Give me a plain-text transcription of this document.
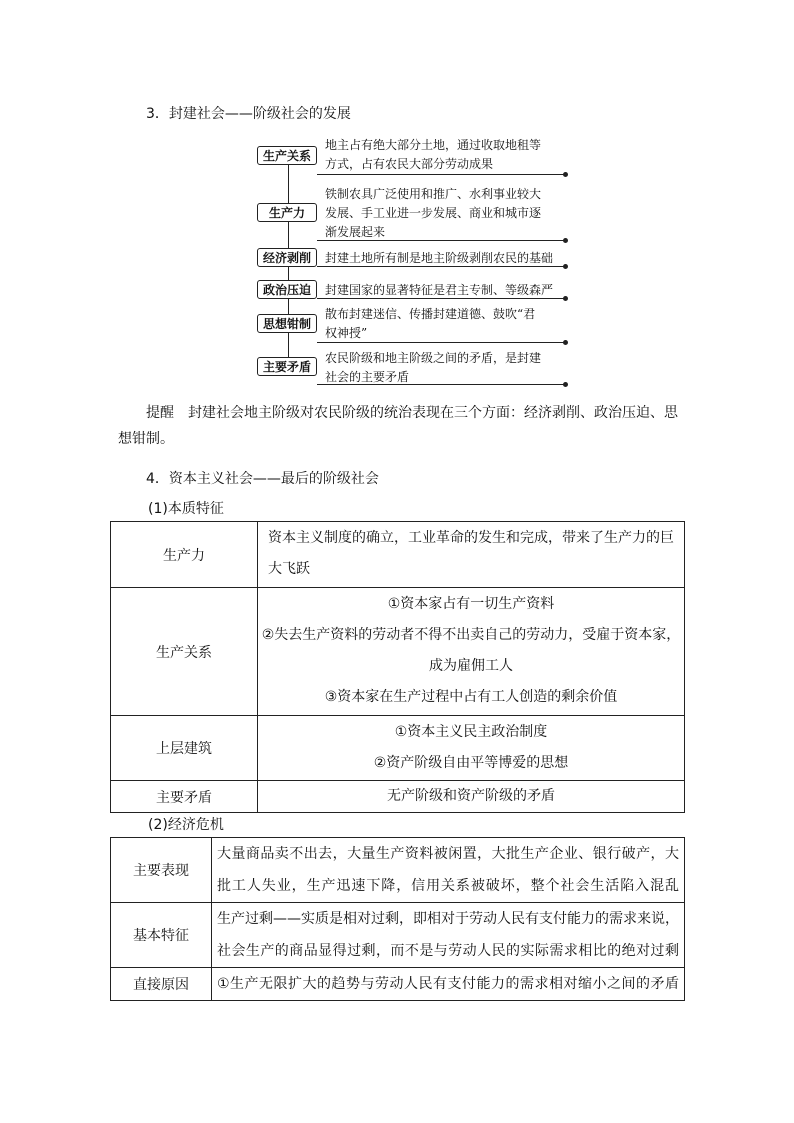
3．封建社会——阶级社会的发展
生产关系
地主占有绝大部分土地，通过收取地租等
方式，占有农民大部分劳动成果
生产力
铁制农具广泛使用和推广、水利事业较大
发展、手工业进一步发展、商业和城市逐
渐发展起来
经济剥削	封建土地所有制是地主阶级剥削农民的基础
政治压迫	封建国家的显著特征是君主专制、等级森严
思想钳制
散布封建迷信、传播封建道德、鼓吹“君
权神授”
主要矛盾
农民阶级和地主阶级之间的矛盾，是封建
社会的主要矛盾
提醒　封建社会地主阶级对农民阶级的统治表现在三个方面：经济剥削、政治压迫、思
想钳制。
4．资本主义社会——最后的阶级社会
(1)本质特征
生产力	资本主义制度的确立，工业革命的发生和完成，带来了生产力的巨
大飞跃

生产关系	①资本家占有一切生产资料
②失去生产资料的劳动者不得不出卖自己的劳动力，受雇于资本家，
成为雇佣工人
③资本家在生产过程中占有工人创造的剩余价值

上层建筑	①资本主义民主政治制度
②资产阶级自由平等博爱的思想

主要矛盾	无产阶级和资产阶级的矛盾
(2)经济危机
主要表现	大量商品卖不出去，大量生产资料被闲置，大批生产企业、银行破产，大
批工人失业，生产迅速下降，信用关系被破坏，整个社会生活陷入混乱

基本特征	生产过剩——实质是相对过剩，即相对于劳动人民有支付能力的需求来说，
社会生产的商品显得过剩，而不是与劳动人民的实际需求相比的绝对过剩

直接原因	①生产无限扩大的趋势与劳动人民有支付能力的需求相对缩小之间的矛盾
